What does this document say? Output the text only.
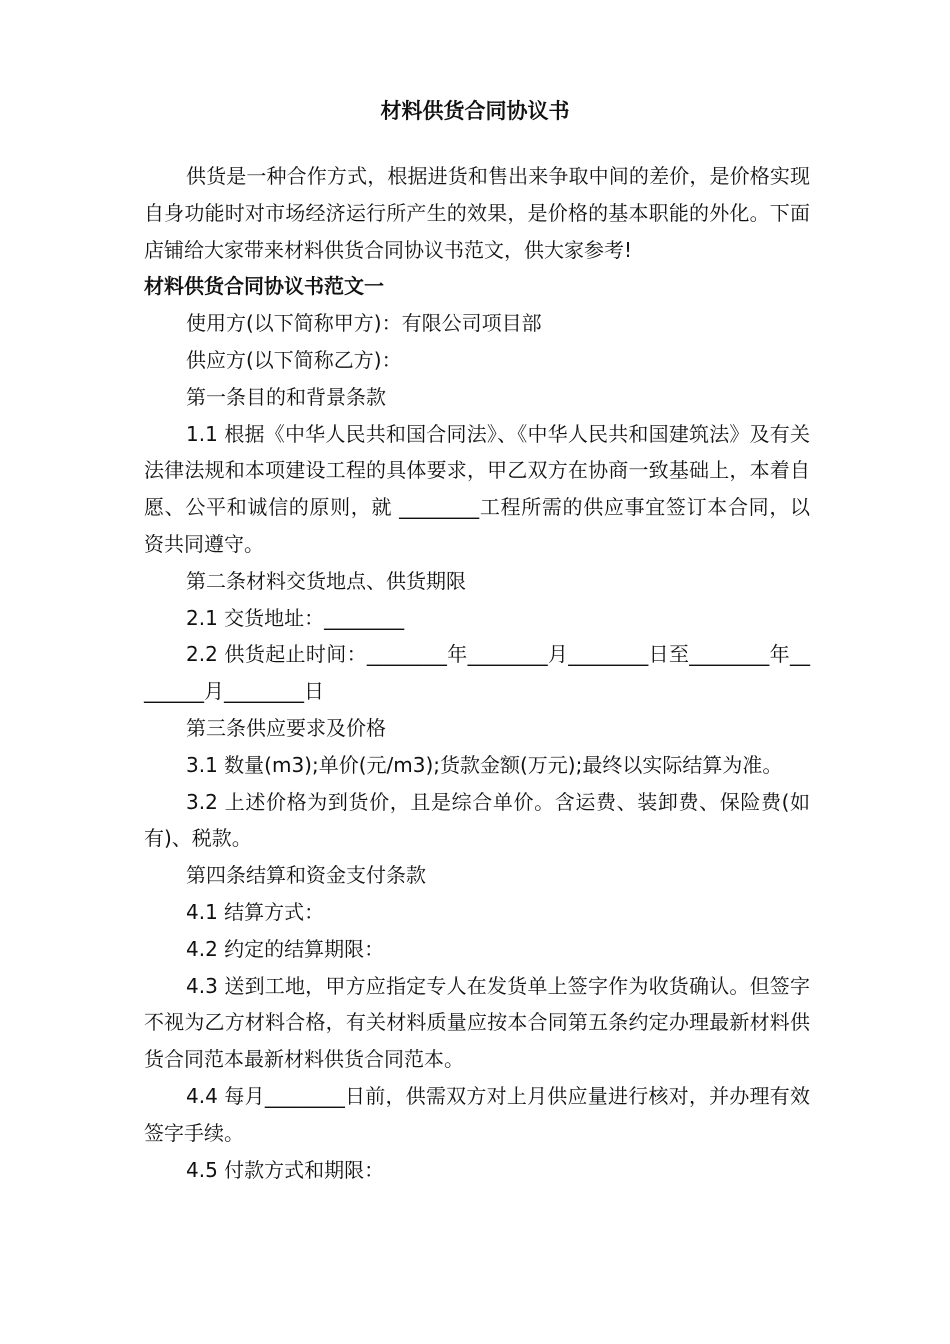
材料供货合同协议书

供货是一种合作方式，根据进货和售出来争取中间的差价，是价格实现自身功能时对市场经济运行所产生的效果，是价格的基本职能的外化。下面店铺给大家带来材料供货合同协议书范文，供大家参考!

材料供货合同协议书范文一

使用方(以下简称甲方)：有限公司项目部

供应方(以下简称乙方)：

第一条目的和背景条款

1.1 根据《中华人民共和国合同法》、《中华人民共和国建筑法》及有关法律法规和本项建设工程的具体要求，甲乙双方在协商一致基础上，本着自愿、公平和诚信的原则，就 ________工程所需的供应事宜签订本合同，以资共同遵守。

第二条材料交货地点、供货期限

2.1 交货地址：________

2.2 供货起止时间：________年________月________日至________年________月________日

第三条供应要求及价格

3.1 数量(m3);单价(元/m3);货款金额(万元);最终以实际结算为准。

3.2 上述价格为到货价，且是综合单价。含运费、装卸费、保险费(如有)、税款。

第四条结算和资金支付条款

4.1 结算方式：

4.2 约定的结算期限：

4.3 送到工地，甲方应指定专人在发货单上签字作为收货确认。但签字不视为乙方材料合格，有关材料质量应按本合同第五条约定办理最新材料供货合同范本最新材料供货合同范本。

4.4 每月________日前，供需双方对上月供应量进行核对，并办理有效签字手续。

4.5 付款方式和期限：
